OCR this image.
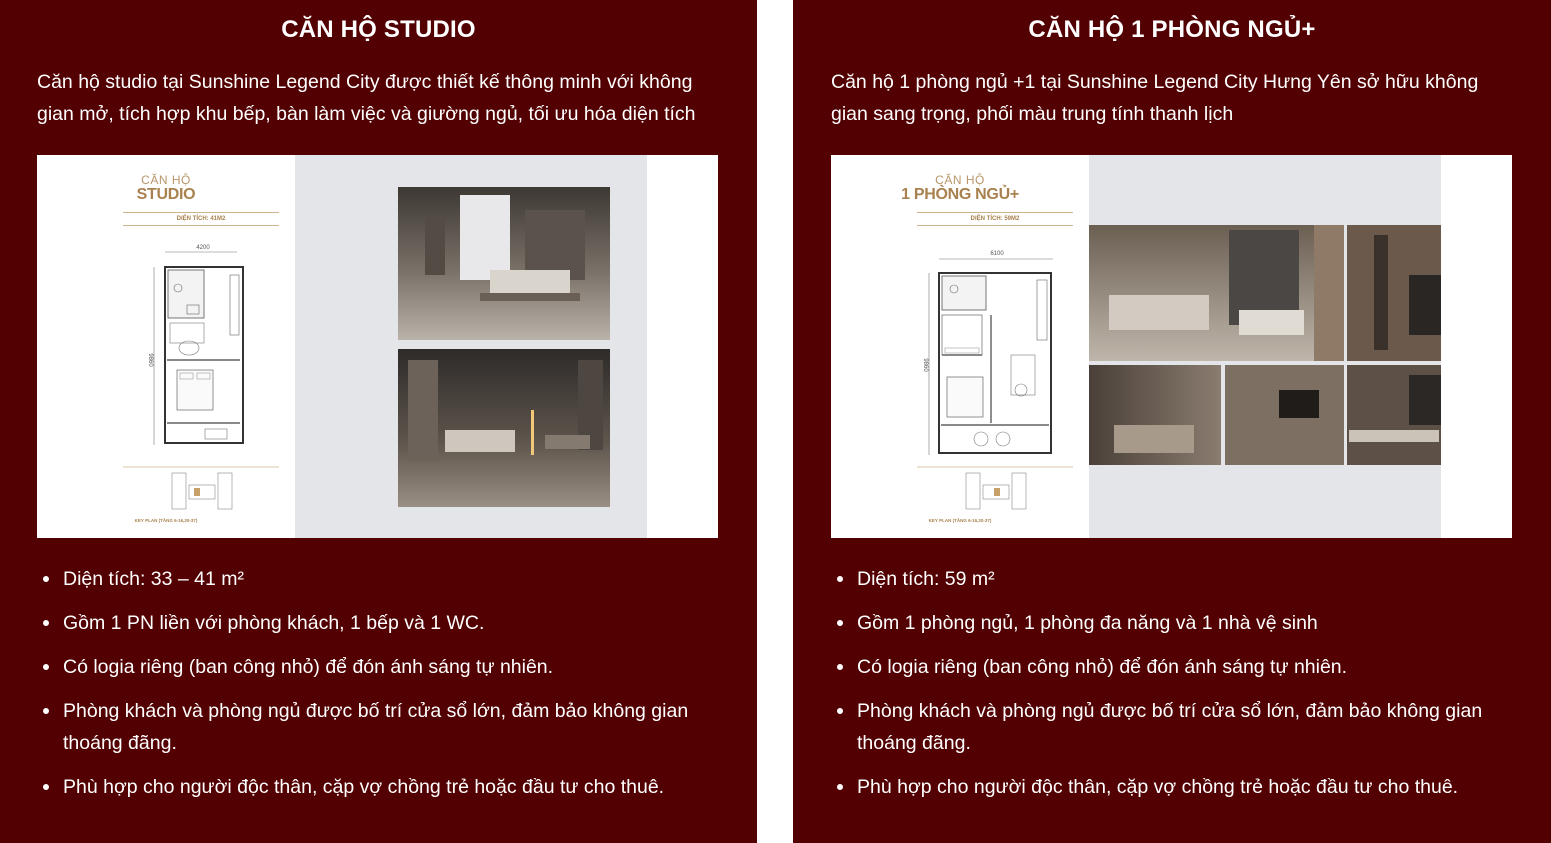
CĂN HỘ STUDIO

Căn hộ studio tại Sunshine Legend City được thiết kế thông minh với không gian mở, tích hợp khu bếp, bàn làm việc và giường ngủ, tối ưu hóa diện tích

CĂN HỘ
STUDIO
DIỆN TÍCH: 41M2
4200
9860
KEY PLAN (TẦNG 6-16,20-37)
Diện tích: 33 – 41 m²
Gồm 1 PN liền với phòng khách, 1 bếp và 1 WC.
Có logia riêng (ban công nhỏ) để đón ánh sáng tự nhiên.
Phòng khách và phòng ngủ được bố trí cửa sổ lớn, đảm bảo không gian thoáng đãng.
Phù hợp cho người độc thân, cặp vợ chồng trẻ hoặc đầu tư cho thuê.
CĂN HỘ 1 PHÒNG NGỦ+

Căn hộ 1 phòng ngủ +1 tại Sunshine Legend City Hưng Yên sở hữu không gian sang trọng, phối màu trung tính thanh lịch

CĂN HỘ
1 PHÒNG NGỦ+
DIỆN TÍCH: 59M2
6100
9860
KEY PLAN (TẦNG 6-16,20-37)
Diện tích: 59 m²
Gồm 1 phòng ngủ, 1 phòng đa năng và 1 nhà vệ sinh
Có logia riêng (ban công nhỏ) để đón ánh sáng tự nhiên.
Phòng khách và phòng ngủ được bố trí cửa sổ lớn, đảm bảo không gian thoáng đãng.
Phù hợp cho người độc thân, cặp vợ chồng trẻ hoặc đầu tư cho thuê.
